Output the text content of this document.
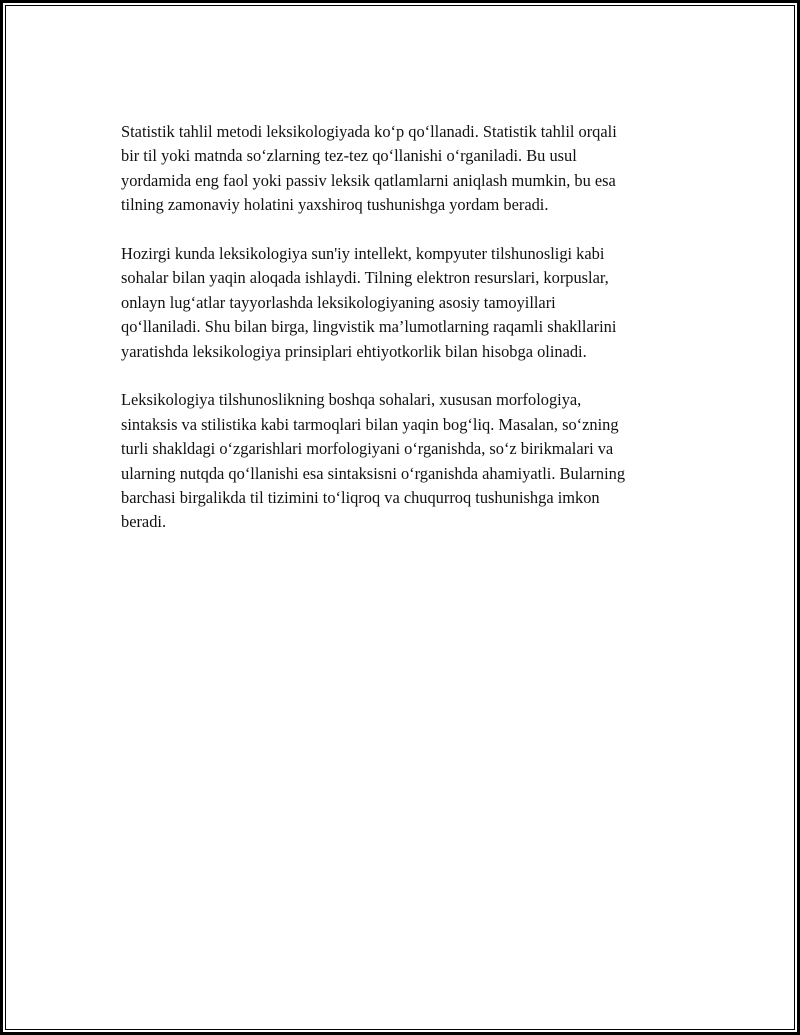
Statistik tahlil metodi leksikologiyada ko‘p qo‘llanadi. Statistik tahlil orqali
bir til yoki matnda so‘zlarning tez-tez qo‘llanishi o‘rganiladi. Bu usul
yordamida eng faol yoki passiv leksik qatlamlarni aniqlash mumkin, bu esa
tilning zamonaviy holatini yaxshiroq tushunishga yordam beradi.

Hozirgi kunda leksikologiya sun'iy intellekt, kompyuter tilshunosligi kabi
sohalar bilan yaqin aloqada ishlaydi. Tilning elektron resurslari, korpuslar,
onlayn lug‘atlar tayyorlashda leksikologiyaning asosiy tamoyillari
qo‘llaniladi. Shu bilan birga, lingvistik ma’lumotlarning raqamli shakllarini
yaratishda leksikologiya prinsiplari ehtiyotkorlik bilan hisobga olinadi.

Leksikologiya tilshunoslikning boshqa sohalari, xususan morfologiya,
sintaksis va stilistika kabi tarmoqlari bilan yaqin bog‘liq. Masalan, so‘zning
turli shakldagi o‘zgarishlari morfologiyani o‘rganishda, so‘z birikmalari va
ularning nutqda qo‘llanishi esa sintaksisni o‘rganishda ahamiyatli. Bularning
barchasi birgalikda til tizimini to‘liqroq va chuqurroq tushunishga imkon
beradi.
